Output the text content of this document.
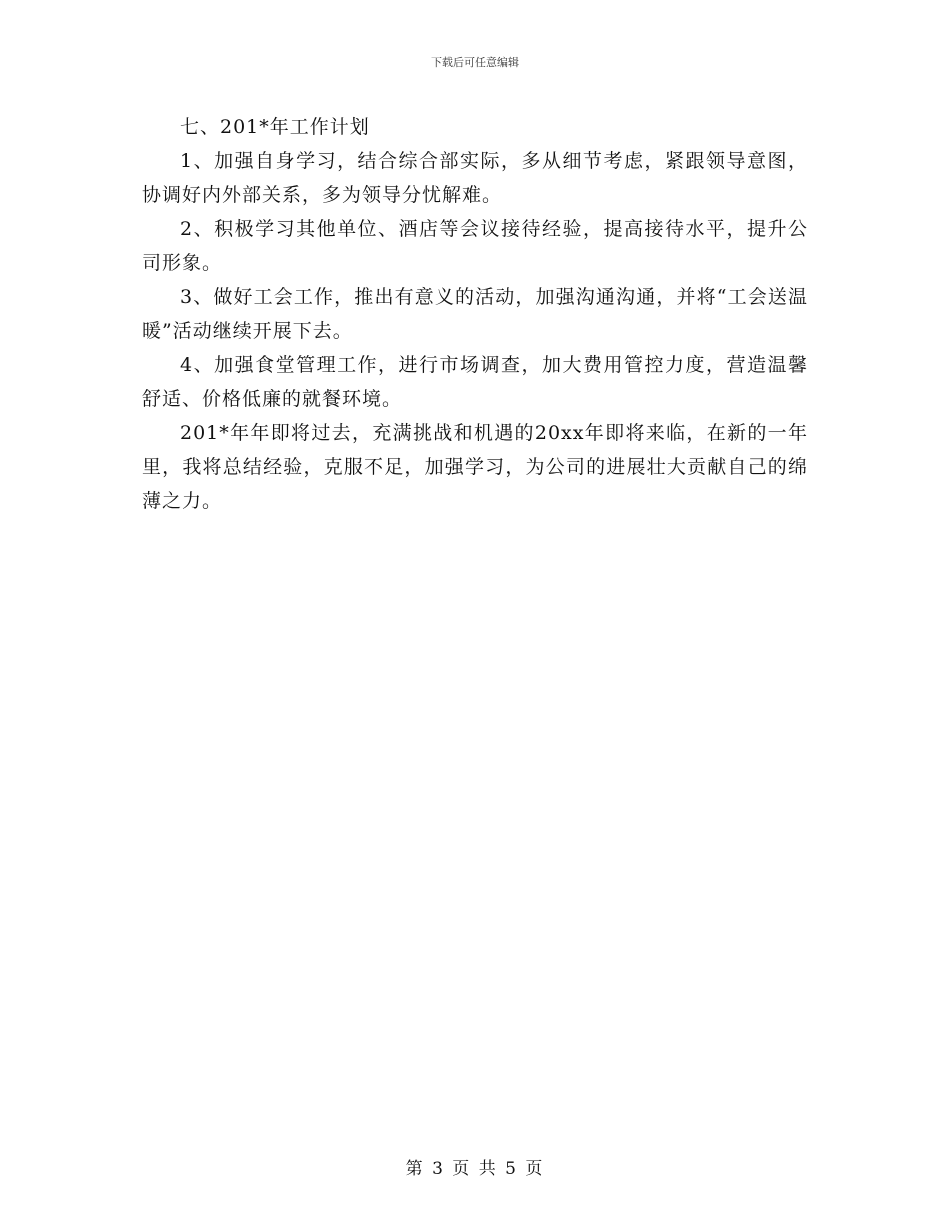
下载后可任意编辑

七、201*年工作计划

1、加强自身学习，结合综合部实际，多从细节考虑，紧跟领导意图，协调好内外部关系，多为领导分忧解难。

2、积极学习其他单位、酒店等会议接待经验，提高接待水平，提升公司形象。

3、做好工会工作，推出有意义的活动，加强沟通沟通，并将“工会送温暖”活动继续开展下去。

4、加强食堂管理工作，进行市场调查，加大费用管控力度，营造温馨舒适、价格低廉的就餐环境。

201*年年即将过去，充满挑战和机遇的20xx年即将来临，在新的一年里，我将总结经验，克服不足，加强学习，为公司的进展壮大贡献自己的绵薄之力。

第 3 页 共 5 页
